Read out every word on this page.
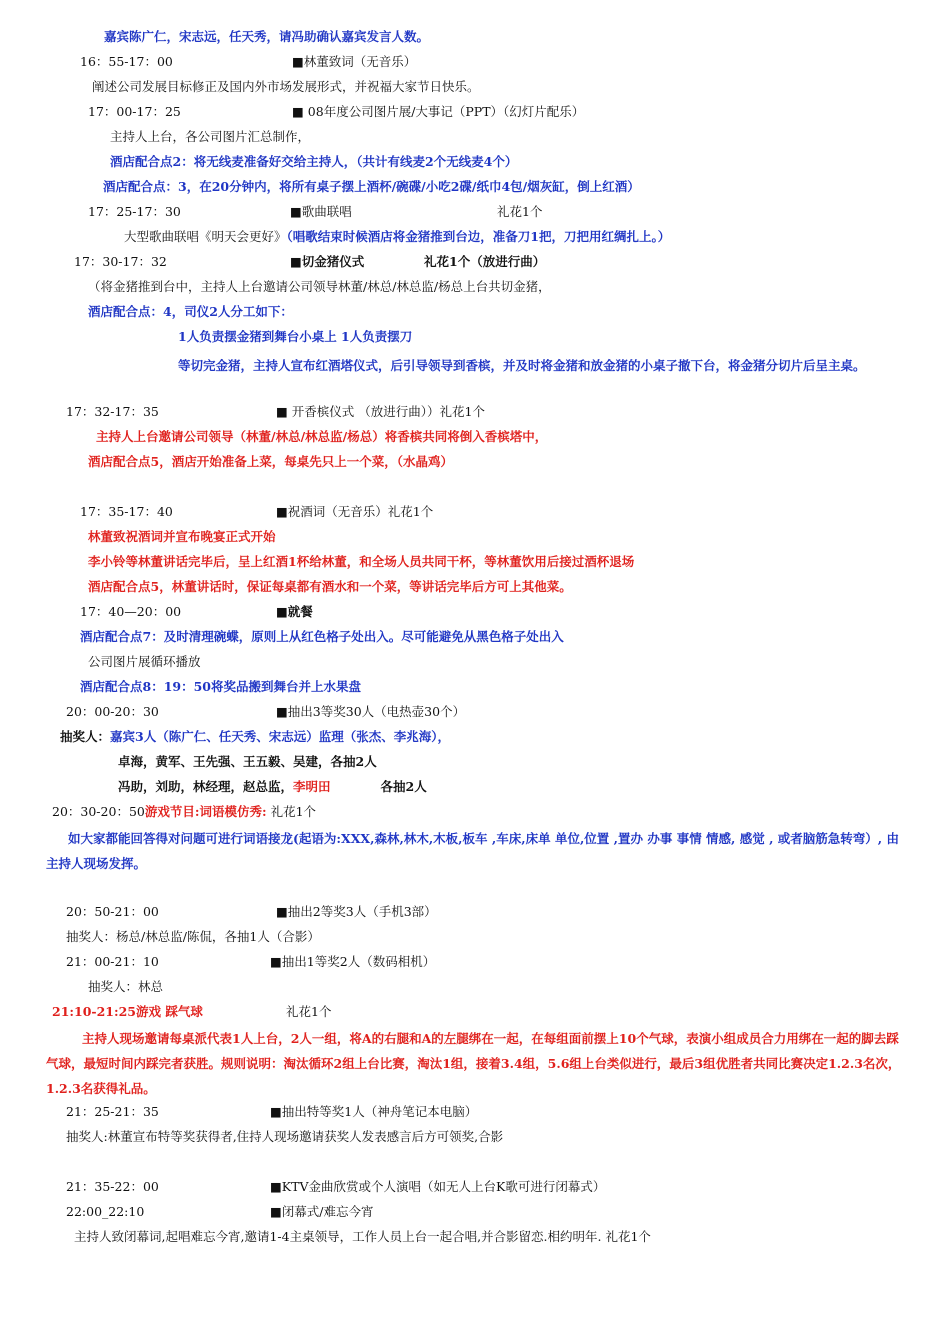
嘉宾陈广仁，宋志远，任天秀，请冯助确认嘉宾发言人数。
16：55-17：00	■林董致词（无音乐）
阐述公司发展目标修正及国内外市场发展形式，并祝福大家节日快乐。
17：00-17：25	■ 08年度公司图片展/大事记（PPT）（幻灯片配乐）
主持人上台，各公司图片汇总制作，
酒店配合点2：将无线麦准备好交给主持人，（共计有线麦2个无线麦4个）
酒店配合点：3，在20分钟内，将所有桌子摆上酒杯/碗碟/小吃2碟/纸巾4包/烟灰缸，倒上红酒）
17：25-17：30	■歌曲联唱	礼花1个
大型歌曲联唱《明天会更好》（唱歌结束时候酒店将金猪推到台边，准备刀1把，刀把用红绸扎上。）
17：30-17：32	■切金猪仪式	礼花1个（放进行曲）
（将金猪推到台中，主持人上台邀请公司领导林董/林总/林总监/杨总上台共切金猪，
酒店配合点：4，司仪2人分工如下：
1人负责摆金猪到舞台小桌上 1人负责摆刀
等切完金猪，主持人宣布红酒塔仪式，后引导领导到香槟，并及时将金猪和放金猪的小桌子撤下台，将金猪分切片后呈主桌。
17：32-17：35	■ 开香槟仪式 （放进行曲））礼花1个
主持人上台邀请公司领导（林董/林总/林总监/杨总）将香槟共同将倒入香槟塔中，
酒店配合点5，酒店开始准备上菜，每桌先只上一个菜，（水晶鸡）
17：35-17：40	■祝酒词（无音乐）礼花1个
林董致祝酒词并宣布晚宴正式开始
李小铃等林董讲话完毕后，呈上红酒1杯给林董，和全场人员共同干杯，等林董饮用后接过酒杯退场
酒店配合点5，林董讲话时，保证每桌都有酒水和一个菜，等讲话完毕后方可上其他菜。
17：40—20：00	■就餐
酒店配合点7：及时清理碗蝶，原则上从红色格子处出入。尽可能避免从黑色格子处出入
公司图片展循环播放
酒店配合点8：19：50将奖品搬到舞台并上水果盘
20：00-20：30	■抽出3等奖30人（电热壶30个）
抽奖人：嘉宾3人（陈广仁、任天秀、宋志远）监理（张杰、李兆海），
卓海，黄军、王先强、王五毅、吴建，各抽2人
冯助，刘助，林经理，赵总监，李明田	各抽2人
20：30-20：50游戏节目:词语模仿秀: 礼花1个
如大家都能回答得对问题可进行词语接龙(起语为:XXX,森林,林木,木板,板车 ,车床,床单 单位,位置 ,置办 办事 事情 情感, 感觉 , 或者脑筋急转弯）, 由主持人现场发挥。
20：50-21：00	■抽出2等奖3人（手机3部）
抽奖人：杨总/林总监/陈侃，各抽1人（合影）
21：00-21：10	■抽出1等奖2人（数码相机）
抽奖人：林总
21:10-21:25游戏 踩气球	礼花1个
主持人现场邀请每桌派代表1人上台，2人一组，将A的右腿和A的左腿绑在一起，在每组面前摆上10个气球，表演小组成员合力用绑在一起的脚去踩气球，最短时间内踩完者获胜。规则说明：淘汰循环2组上台比赛，淘汰1组，接着3.4组，5.6组上台类似进行，最后3组优胜者共同比赛决定1.2.3名次，1.2.3名获得礼品。
21：25-21：35	■抽出特等奖1人（神舟笔记本电脑）
抽奖人:林董宣布特等奖获得者,住持人现场邀请获奖人发表感言后方可领奖,合影
21：35-22：00	■KTV金曲欣赏或个人演唱（如无人上台K歌可进行闭幕式）
22:00_22:10	■闭幕式/难忘今宵
主持人致闭幕词,起唱难忘今宵,邀请1-4主桌领导，工作人员上台一起合唱,并合影留恋.相约明年. 礼花1个
